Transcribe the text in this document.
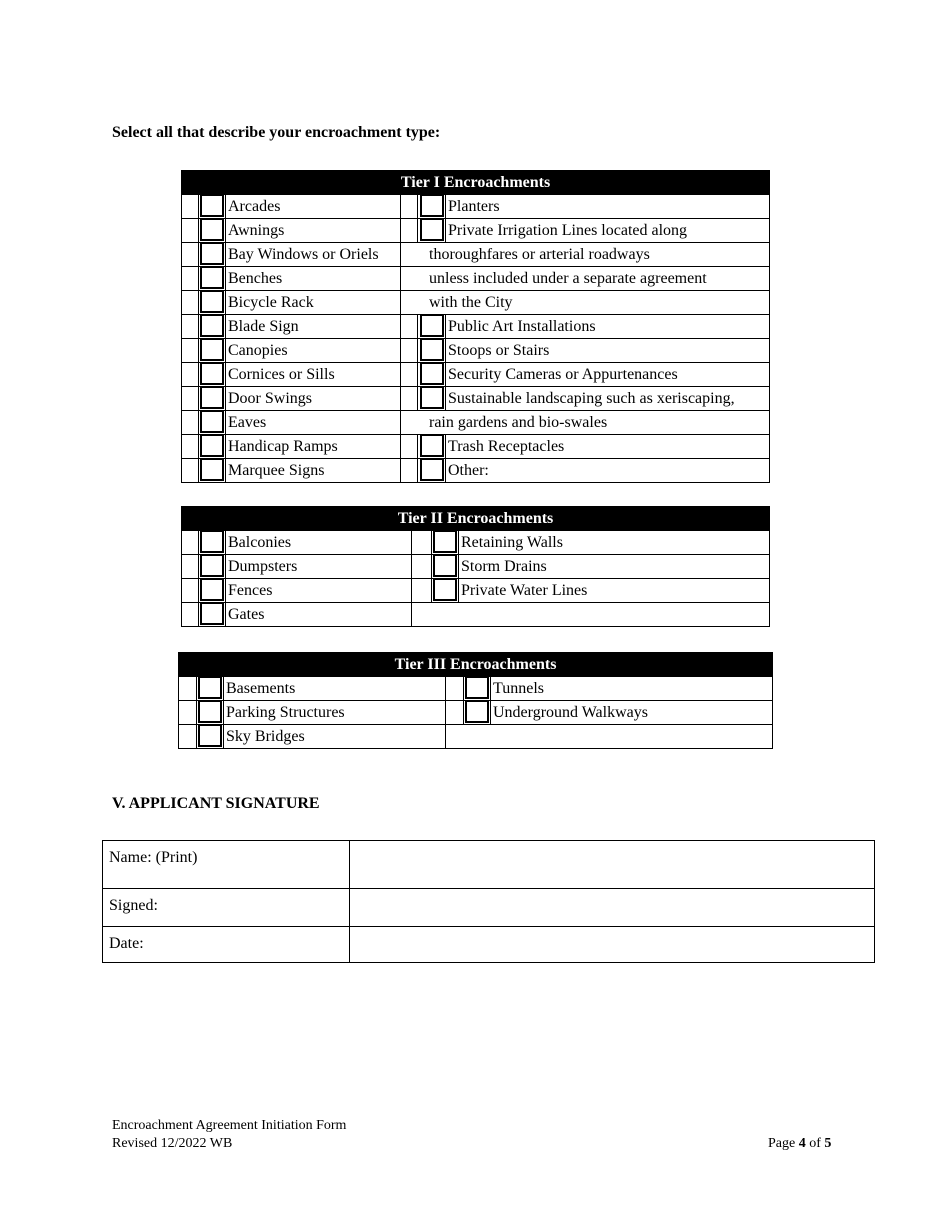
Select all that describe your encroachment type:
Tier I Encroachments					
		Arcades			Planters
		Awnings			Private Irrigation Lines located along
		Bay Windows or Oriels	thoroughfares or arterial roadways		
		Benches	unless included under a separate agreement		
		Bicycle Rack	with the City		
		Blade Sign			Public Art Installations
		Canopies			Stoops or Stairs
		Cornices or Sills			Security Cameras or Appurtenances
		Door Swings			Sustainable landscaping such as xeriscaping,
		Eaves	rain gardens and bio-swales		
		Handicap Ramps			Trash Receptacles
		Marquee Signs			Other:
Tier II Encroachments					
		Balconies			Retaining Walls
		Dumpsters			Storm Drains
		Fences			Private Water Lines
		Gates			
Tier III Encroachments					
		Basements			Tunnels
		Parking Structures			Underground Walkways
		Sky Bridges			
V. APPLICANT SIGNATURE
Name: (Print)	
Signed:	
Date:	
Encroachment Agreement Initiation Form
Revised 12/2022 WB	Page 4 of 5
